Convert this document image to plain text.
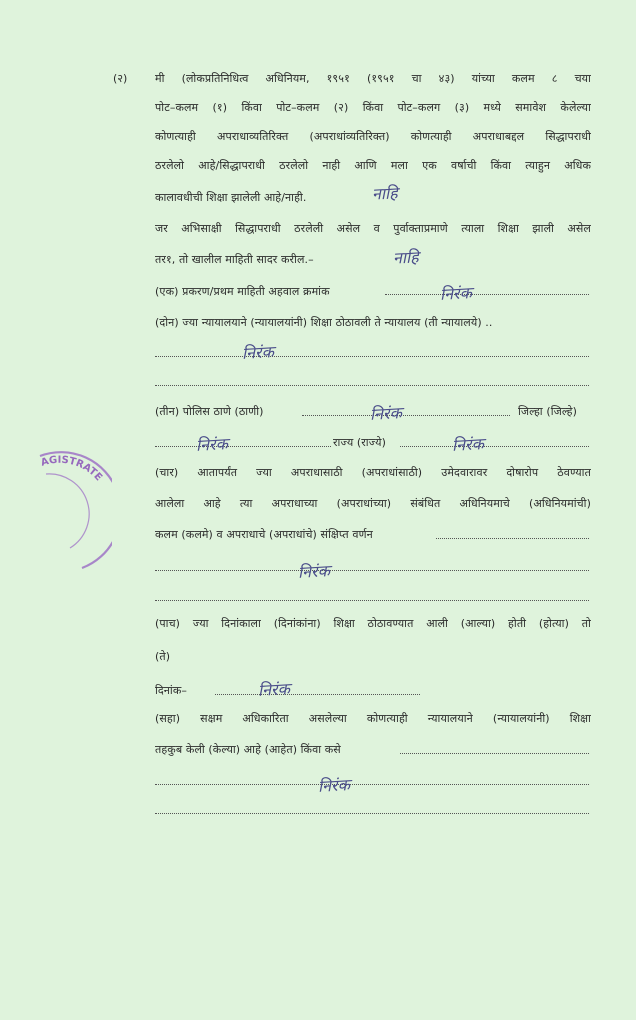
(२)	मी (लोकप्रतिनिधित्व अधिनियम, १९५१ (१९५१ चा ४३) यांच्या कलम ८ चया
पोट–कलम (१) किंवा पोट–कलम (२) किंवा पोट–कलग (३) मध्ये समावेश केलेल्या
कोणत्याही अपराधाव्यतिरिक्त (अपराधांव्यतिरिक्त) कोणत्याही अपराधाबद्दल सिद्धापराधी
ठरलेलो आहे/सिद्धापराधी ठरलेलो नाही आणि मला एक वर्षाची किंवा त्याहुन अधिक
कालावधीची शिक्षा झालेली आहे/नाही.	नाहि
जर अभिसाक्षी सिद्धापराधी ठरलेली असेल व पुर्वाक्ताप्रमाणे त्याला शिक्षा झाली असेल
तर१, तो खालील माहिती सादर करील.–	नाहि
(एक) प्रकरण/प्रथम माहिती अहवाल क्रमांक	निरंक
(दोन) ज्या न्यायालयाने (न्यायालयांनी) शिक्षा ठोठावली ते न्यायालय (ती न्यायालये) ..
निरंक
(तीन) पोलिस ठाणे (ठाणी)	निरंक	जिल्हा (जिल्हे)
निरंक	राज्य (राज्ये)	निरंक
(चार) आतापर्यंत ज्या अपराधासाठी (अपराधांसाठी) उमेदवारावर दोषारोप ठेवण्यात
आलेला आहे त्या अपराधाच्या (अपराधांच्या) संबंधित अधिनियमाचे (अधिनियमांची)
कलम (कलमे) व अपराधाचे (अपराधांचे) संक्षिप्त वर्णन
निरंक
(पाच) ज्या दिनांकाला (दिनांकांना) शिक्षा ठोठावण्यात आली (आल्या) होती (होत्या) तो
(ते)
दिनांक–	निरंक
(सहा) सक्षम अधिकारिता असलेल्या कोणत्याही न्यायालयाने (न्यायालयांनी) शिक्षा
तहकुब केली (केल्या) आहे (आहेत) किंवा कसे
निरंक
AGISTRATE
